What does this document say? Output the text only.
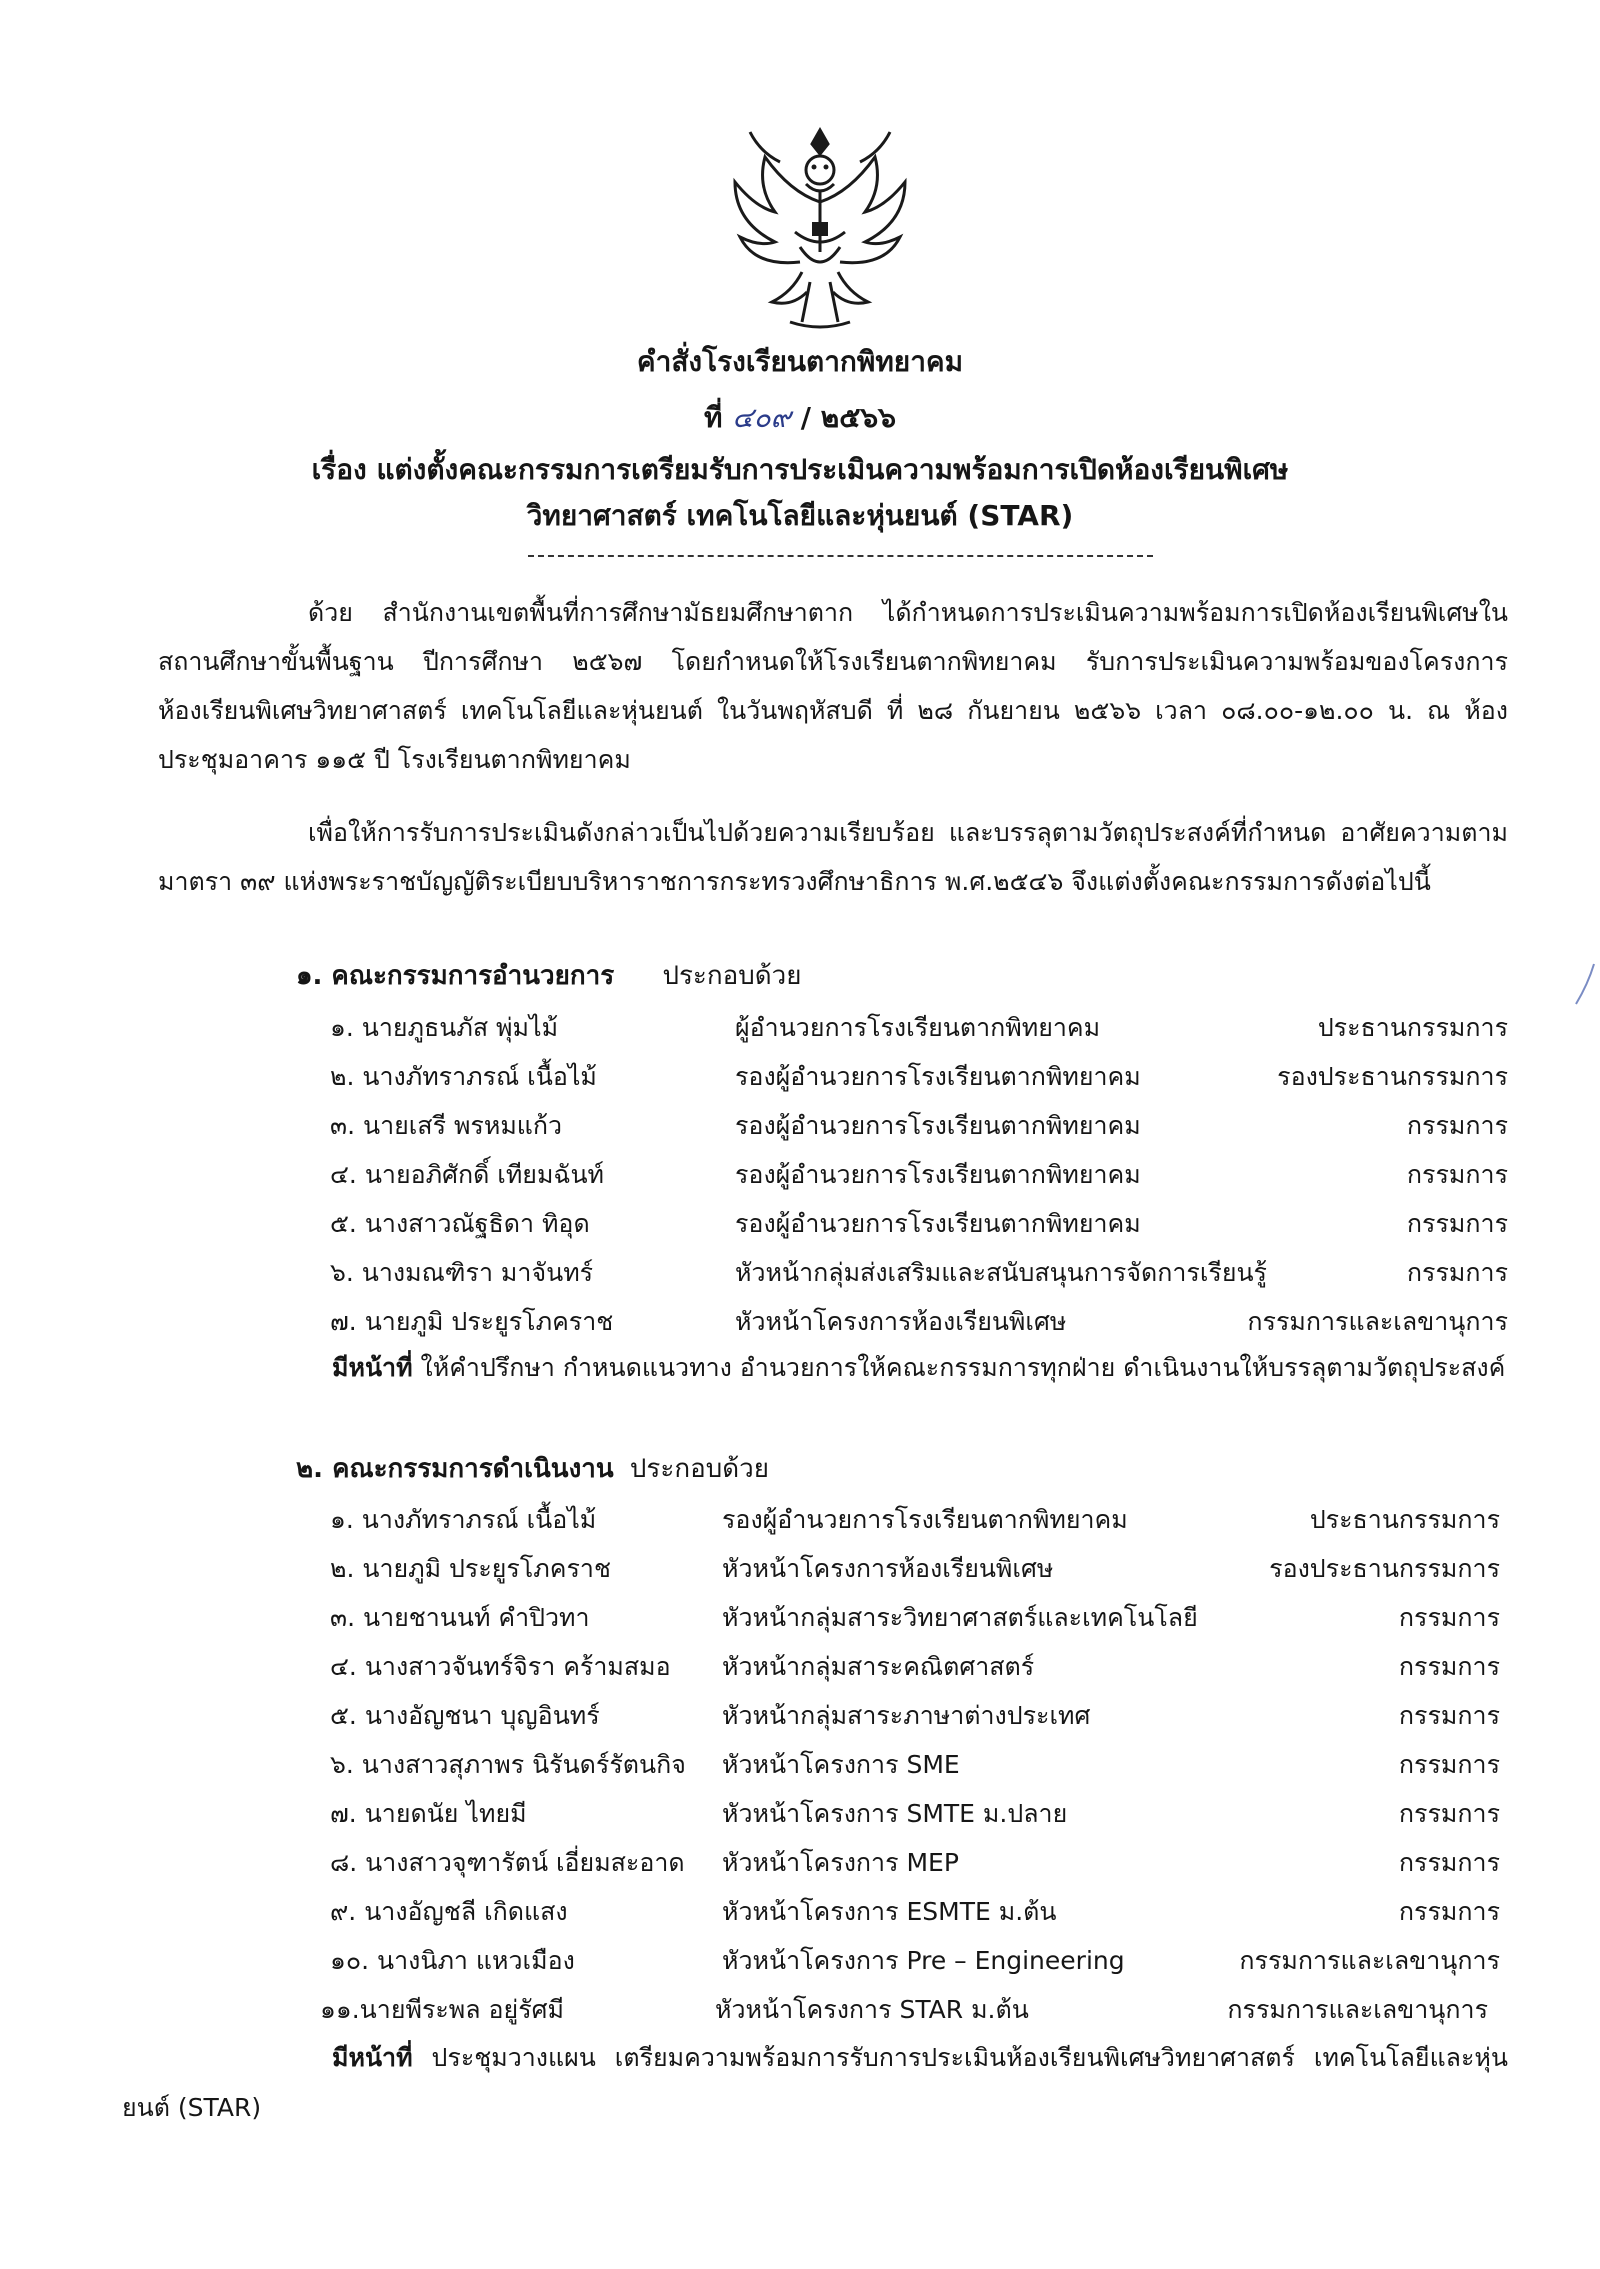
คำสั่งโรงเรียนตากพิทยาคม
ที่ ๔๐๙ / ๒๕๖๖
เรื่อง แต่งตั้งคณะกรรมการเตรียมรับการประเมินความพร้อมการเปิดห้องเรียนพิเศษ
วิทยาศาสตร์ เทคโนโลยีและหุ่นยนต์ (STAR)
ด้วย สำนักงานเขตพื้นที่การศึกษามัธยมศึกษาตาก ได้กำหนดการประเมินความพร้อมการเปิดห้องเรียนพิเศษในสถานศึกษาขั้นพื้นฐาน ปีการศึกษา ๒๕๖๗ โดยกำหนดให้โรงเรียนตากพิทยาคม รับการประเมินความพร้อมของโครงการห้องเรียนพิเศษวิทยาศาสตร์ เทคโนโลยีและหุ่นยนต์ ในวันพฤหัสบดี ที่ ๒๘ กันยายน ๒๕๖๖ เวลา ๐๘.๐๐-๑๒.๐๐ น. ณ ห้องประชุมอาคาร ๑๑๕ ปี โรงเรียนตากพิทยาคม
เพื่อให้การรับการประเมินดังกล่าวเป็นไปด้วยความเรียบร้อย และบรรลุตามวัตถุประสงค์ที่กำหนด อาศัยความตามมาตรา ๓๙ แห่งพระราชบัญญัติระเบียบบริหาราชการกระทรวงศึกษาธิการ พ.ศ.๒๕๔๖ จึงแต่งตั้งคณะกรรมการดังต่อไปนี้
๑. คณะกรรมการอำนวยการ ประกอบด้วย
๑. นายภูธนภัส พุ่มไม้	ผู้อำนวยการโรงเรียนตากพิทยาคม	ประธานกรรมการ
๒. นางภัทราภรณ์ เนื้อไม้	รองผู้อำนวยการโรงเรียนตากพิทยาคม	รองประธานกรรมการ
๓. นายเสรี พรหมแก้ว	รองผู้อำนวยการโรงเรียนตากพิทยาคม	กรรมการ
๔. นายอภิศักดิ์ เทียมฉันท์	รองผู้อำนวยการโรงเรียนตากพิทยาคม	กรรมการ
๕. นางสาวณัฐธิดา ทิอุด	รองผู้อำนวยการโรงเรียนตากพิทยาคม	กรรมการ
๖. นางมณฑิรา มาจันทร์	หัวหน้ากลุ่มส่งเสริมและสนับสนุนการจัดการเรียนรู้	กรรมการ
๗. นายภูมิ ประยูรโภคราช	หัวหน้าโครงการห้องเรียนพิเศษ	กรรมการและเลขานุการ
มีหน้าที่ ให้คำปรึกษา กำหนดแนวทาง อำนวยการให้คณะกรรมการทุกฝ่าย ดำเนินงานให้บรรลุตามวัตถุประสงค์
๒. คณะกรรมการดำเนินงาน ประกอบด้วย
๑. นางภัทราภรณ์ เนื้อไม้	รองผู้อำนวยการโรงเรียนตากพิทยาคม	ประธานกรรมการ
๒. นายภูมิ ประยูรโภคราช	หัวหน้าโครงการห้องเรียนพิเศษ	รองประธานกรรมการ
๓. นายชานนท์ คำปิวทา	หัวหน้ากลุ่มสาระวิทยาศาสตร์และเทคโนโลยี	กรรมการ
๔. นางสาวจันทร์จิรา คร้ามสมอ หัวหน้ากลุ่มสาระคณิตศาสตร์	กรรมการ
๕. นางอัญชนา บุญอินทร์	หัวหน้ากลุ่มสาระภาษาต่างประเทศ	กรรมการ
๖. นางสาวสุภาพร นิรันดร์รัตนกิจ หัวหน้าโครงการ SME	กรรมการ
๗. นายดนัย ไทยมี	หัวหน้าโครงการ SMTE ม.ปลาย	กรรมการ
๘. นางสาวจุฑารัตน์ เอี่ยมสะอาด หัวหน้าโครงการ MEP	กรรมการ
๙. นางอัญชลี เกิดแสง	หัวหน้าโครงการ ESMTE ม.ต้น	กรรมการ
๑๐. นางนิภา แหวเมือง	หัวหน้าโครงการ Pre – Engineering	กรรมการและเลขานุการ
๑๑.นายพีระพล อยู่รัศมี	หัวหน้าโครงการ STAR ม.ต้น	กรรมการและเลขานุการ
มีหน้าที่ ประชุมวางแผน เตรียมความพร้อมการรับการประเมินห้องเรียนพิเศษวิทยาศาสตร์ เทคโนโลยีและหุ่นยนต์ (STAR)
